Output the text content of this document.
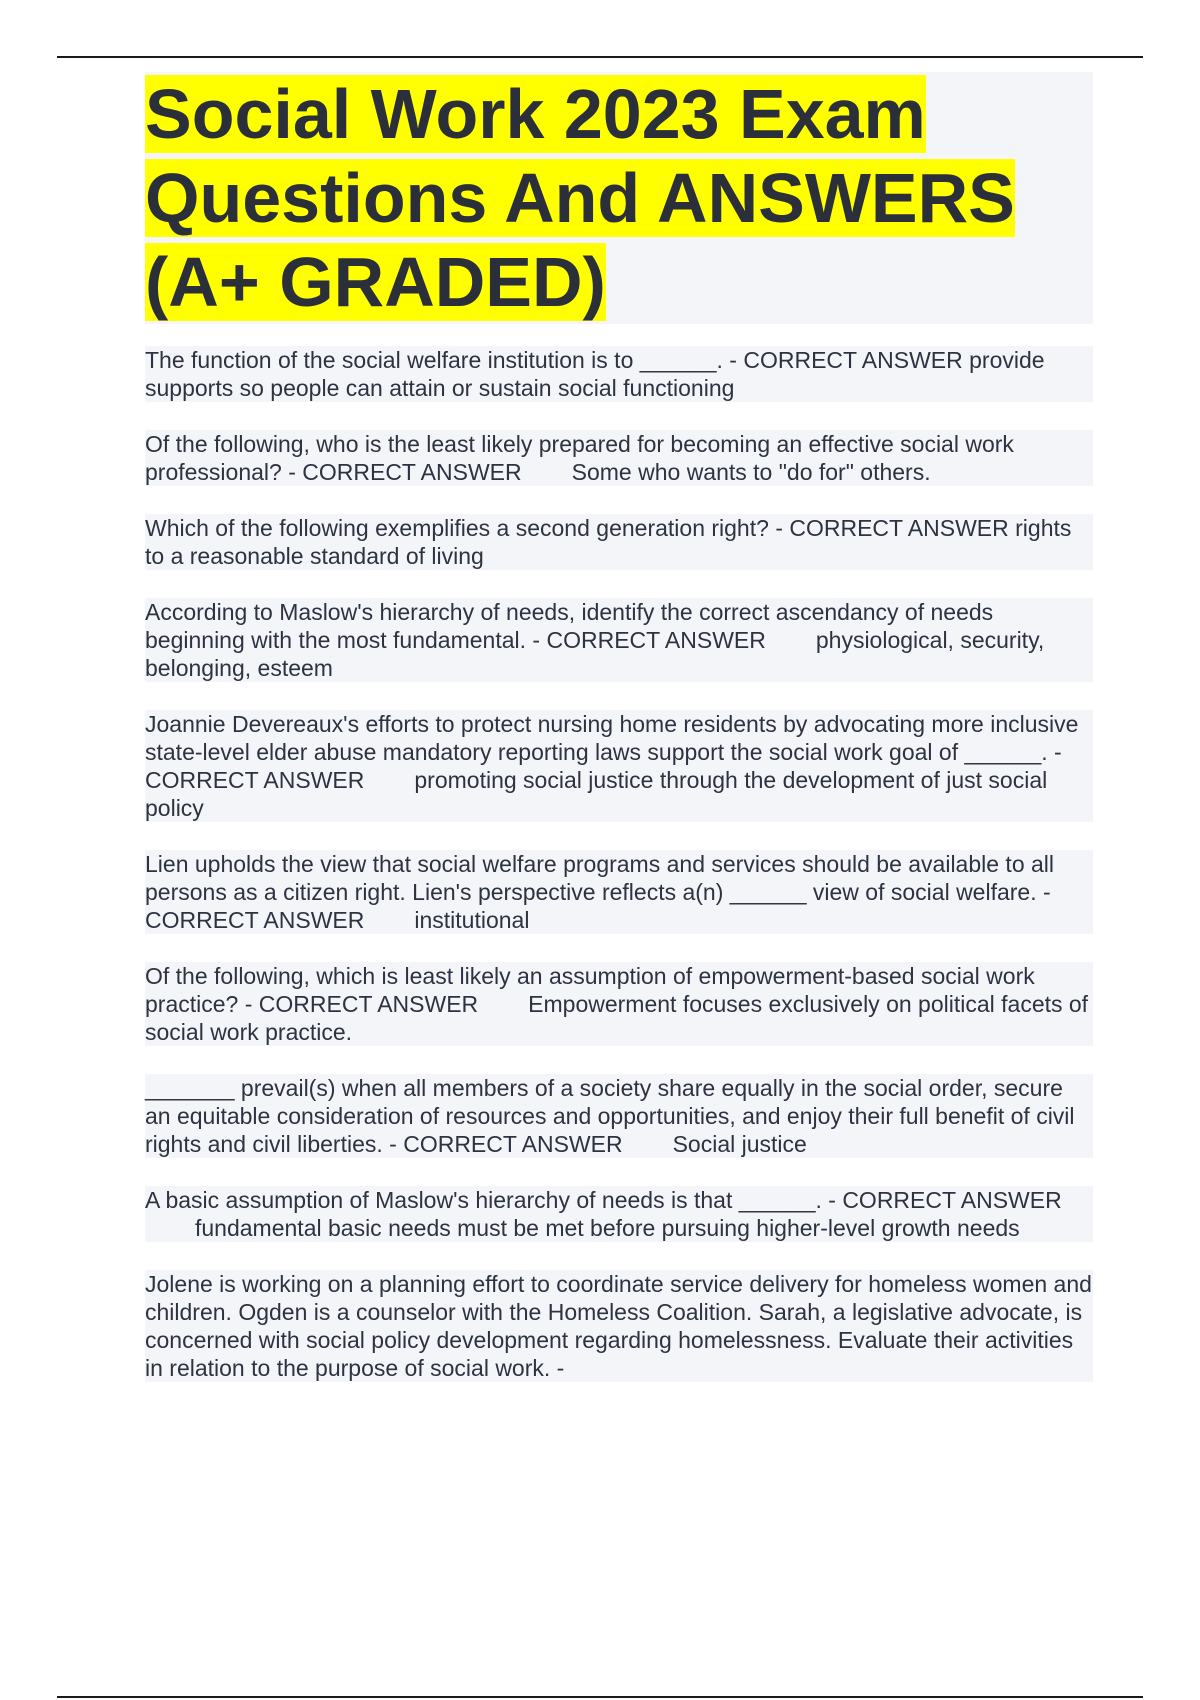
Social Work 2023 Exam
Questions And ANSWERS
(A+ GRADED)

The function of the social welfare institution is to ______. - CORRECT ANSWER provide supports so people can attain or sustain social functioning

Of the following, who is the least likely prepared for becoming an effective social work professional? - CORRECT ANSWER Some who wants to "do for" others.

Which of the following exemplifies a second generation right? - CORRECT ANSWER rights to a reasonable standard of living

According to Maslow's hierarchy of needs, identify the correct ascendancy of needs beginning with the most fundamental. - CORRECT ANSWER physiological, security, belonging, esteem

Joannie Devereaux's efforts to protect nursing home residents by advocating more inclusive state-level elder abuse mandatory reporting laws support the social work goal of ______. - CORRECT ANSWER promoting social justice through the development of just social policy

Lien upholds the view that social welfare programs and services should be available to all persons as a citizen right. Lien's perspective reflects a(n) ______ view of social welfare. - CORRECT ANSWER institutional

Of the following, which is least likely an assumption of empowerment-based social work practice? - CORRECT ANSWER Empowerment focuses exclusively on political facets of social work practice.

_______ prevail(s) when all members of a society share equally in the social order, secure an equitable consideration of resources and opportunities, and enjoy their full benefit of civil rights and civil liberties. - CORRECT ANSWER Social justice

A basic assumption of Maslow's hierarchy of needs is that ______. - CORRECT ANSWERfundamental basic needs must be met before pursuing higher-level growth needs

Jolene is working on a planning effort to coordinate service delivery for homeless women and children. Ogden is a counselor with the Homeless Coalition. Sarah, a legislative advocate, is concerned with social policy development regarding homelessness. Evaluate their activities in relation to the purpose of social work. -
